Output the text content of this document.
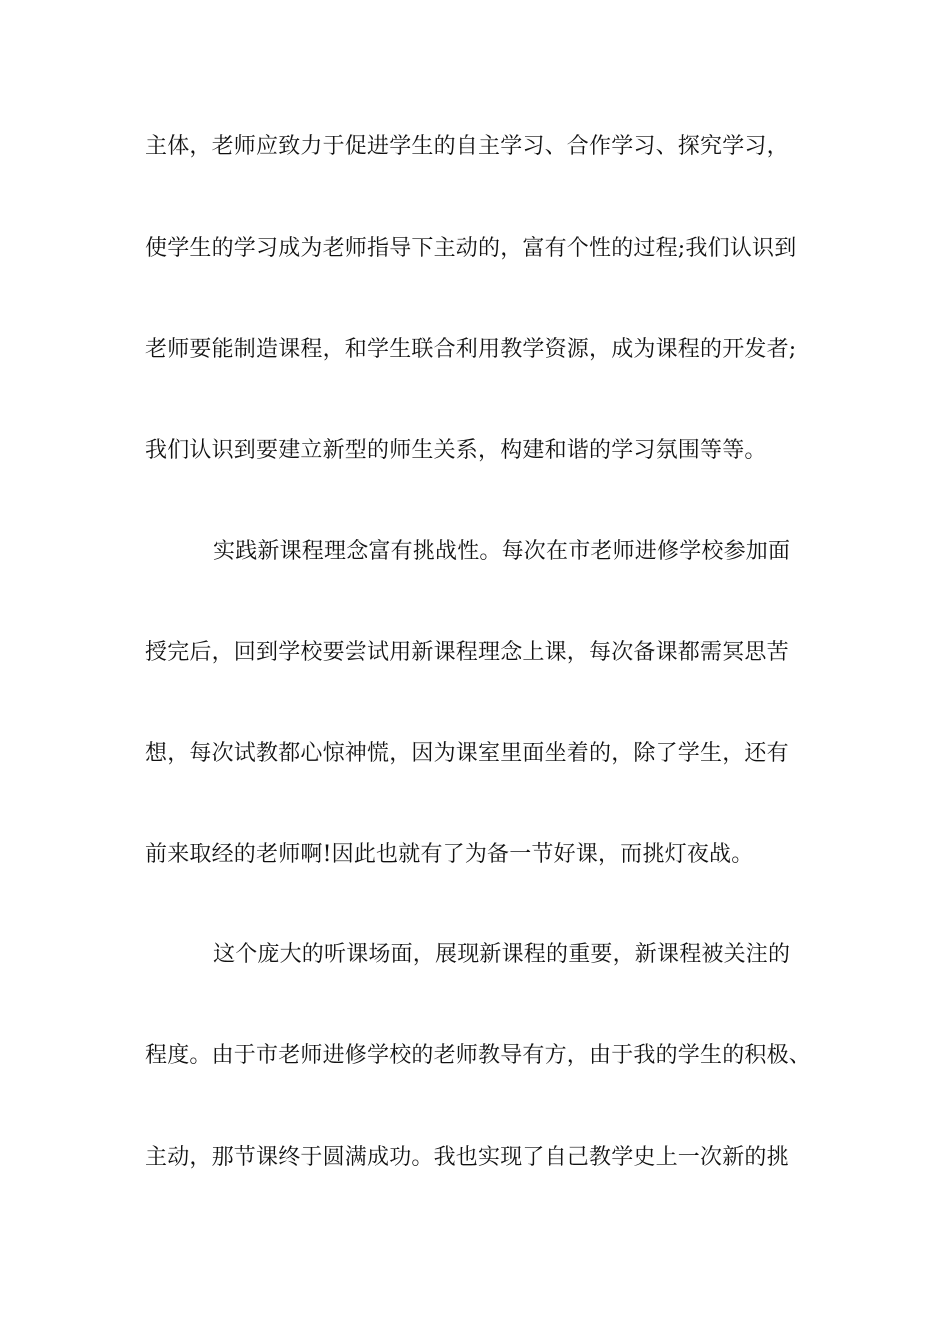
主体，老师应致力于促进学生的自主学习、合作学习、探究学习，
使学生的学习成为老师指导下主动的，富有个性的过程;我们认识到
老师要能制造课程，和学生联合利用教学资源，成为课程的开发者;
我们认识到要建立新型的师生关系，构建和谐的学习氛围等等。
实践新课程理念富有挑战性。每次在市老师进修学校参加面
授完后，回到学校要尝试用新课程理念上课，每次备课都需冥思苦
想，每次试教都心惊神慌，因为课室里面坐着的，除了学生，还有
前来取经的老师啊!因此也就有了为备一节好课，而挑灯夜战。
这个庞大的听课场面，展现新课程的重要，新课程被关注的
程度。由于市老师进修学校的老师教导有方，由于我的学生的积极、
主动，那节课终于圆满成功。我也实现了自己教学史上一次新的挑
